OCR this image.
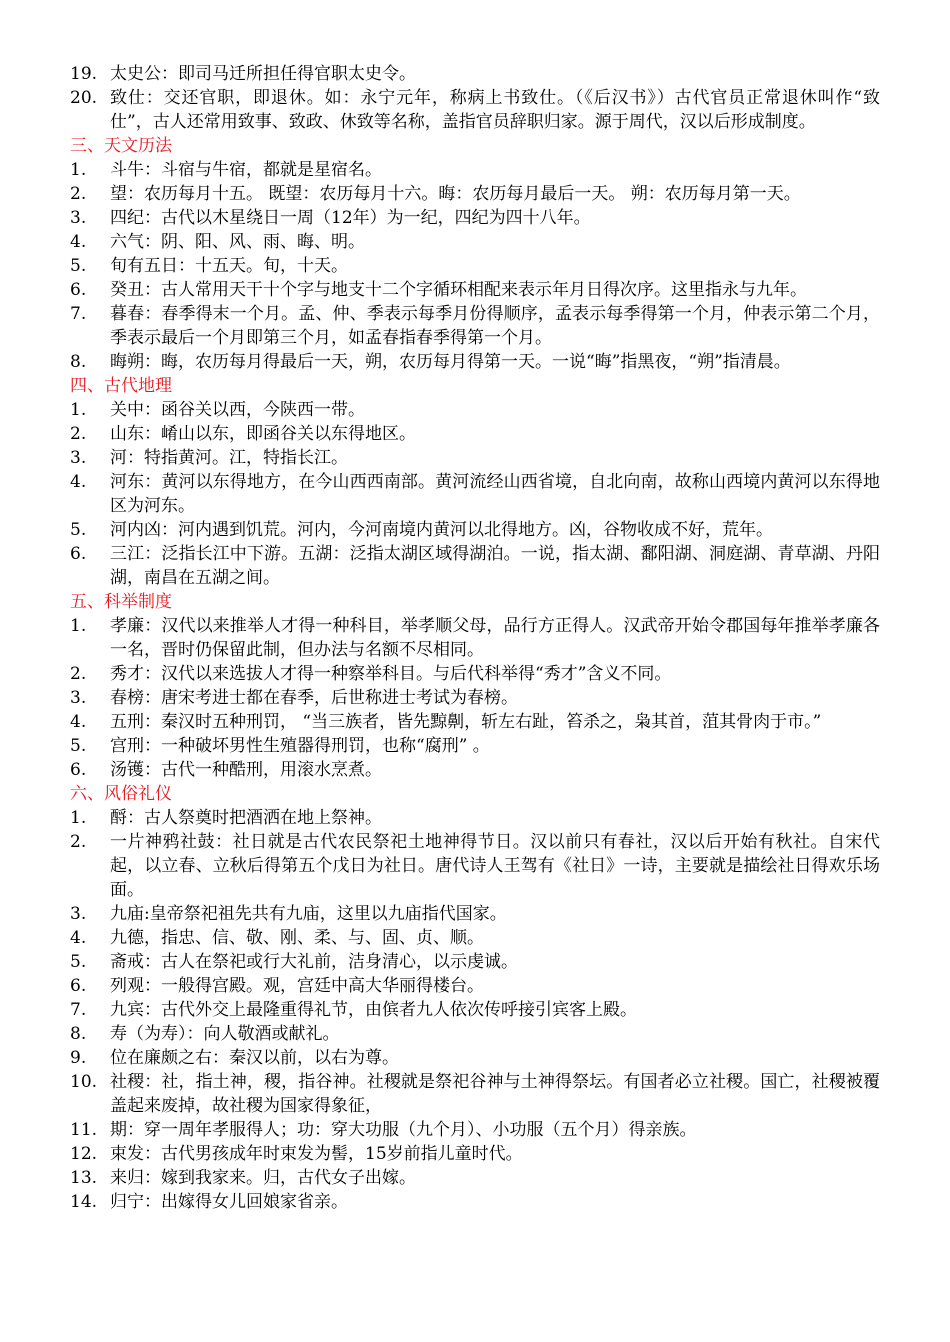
19. 太史公：即司马迁所担任得官职太史令。
20. 致仕：交还官职，即退休。如：永宁元年，称病上书致仕。（《后汉书》）古代官员正常退休叫作“致仕”，古人还常用致事、致政、休致等名称，盖指官员辞职归家。源于周代，汉以后形成制度。
三、天文历法
1.	斗牛：斗宿与牛宿，都就是星宿名。
2.	望：农历每月十五。 既望：农历每月十六。晦：农历每月最后一天。 朔：农历每月第一天。
3.	四纪：古代以木星绕日一周（12年）为一纪，四纪为四十八年。
4.	六气：阴、阳、风、雨、晦、明。
5.	旬有五日：十五天。旬，十天。
6.	癸丑：古人常用天干十个字与地支十二个字循环相配来表示年月日得次序。这里指永与九年。
7.	暮春：春季得末一个月。孟、仲、季表示每季月份得顺序，孟表示每季得第一个月，仲表示第二个月，季表示最后一个月即第三个月，如孟春指春季得第一个月。
8.	晦朔：晦，农历每月得最后一天，朔，农历每月得第一天。一说“晦”指黑夜，“朔”指清晨。
四、古代地理
1.	关中：函谷关以西，今陕西一带。
2.	山东：崤山以东，即函谷关以东得地区。
3.	河：特指黄河。江，特指长江。
4.	河东：黄河以东得地方，在今山西西南部。黄河流经山西省境，自北向南，故称山西境内黄河以东得地区为河东。
5.	河内凶：河内遇到饥荒。河内，今河南境内黄河以北得地方。凶，谷物收成不好，荒年。
6.	三江：泛指长江中下游。五湖：泛指太湖区域得湖泊。一说，指太湖、鄱阳湖、洞庭湖、青草湖、丹阳湖，南昌在五湖之间。
五、科举制度
1.	孝廉：汉代以来推举人才得一种科目，举孝顺父母，品行方正得人。汉武帝开始令郡国每年推举孝廉各一名，晋时仍保留此制，但办法与名额不尽相同。
2.	秀才：汉代以来选拔人才得一种察举科目。与后代科举得“秀才”含义不同。
3.	春榜：唐宋考进士都在春季，后世称进士考试为春榜。
4.	五刑：秦汉时五种刑罚， “当三族者，皆先黥劓，斩左右趾，笞杀之，枭其首，菹其骨肉于市。”
5.	宫刑：一种破坏男性生殖器得刑罚，也称“腐刑” 。
6.	汤镬：古代一种酷刑，用滚水烹煮。
六、风俗礼仪
1.	酹：古人祭奠时把酒洒在地上祭神。
2.	一片神鸦社鼓：社日就是古代农民祭祀土地神得节日。汉以前只有春社，汉以后开始有秋社。自宋代起，以立春、立秋后得第五个戊日为社日。唐代诗人王驾有《社日》一诗，主要就是描绘社日得欢乐场面。
3.	九庙:皇帝祭祀祖先共有九庙，这里以九庙指代国家。
4.	九德，指忠、信、敬、刚、柔、与、固、贞、顺。
5.	斋戒：古人在祭祀或行大礼前，洁身清心，以示虔诚。
6.	列观：一般得宫殿。观，宫廷中高大华丽得楼台。
7.	九宾：古代外交上最隆重得礼节，由傧者九人依次传呼接引宾客上殿。
8.	寿（为寿）：向人敬酒或献礼。
9.	位在廉颇之右：秦汉以前，以右为尊。
10. 社稷：社，指土神，稷，指谷神。社稷就是祭祀谷神与土神得祭坛。有国者必立社稷。国亡，社稷被覆盖起来废掉，故社稷为国家得象征，
11. 期：穿一周年孝服得人；功：穿大功服（九个月）、小功服（五个月）得亲族。
12. 束发：古代男孩成年时束发为髻，15岁前指儿童时代。
13. 来归：嫁到我家来。归，古代女子出嫁。
14. 归宁：出嫁得女儿回娘家省亲。
